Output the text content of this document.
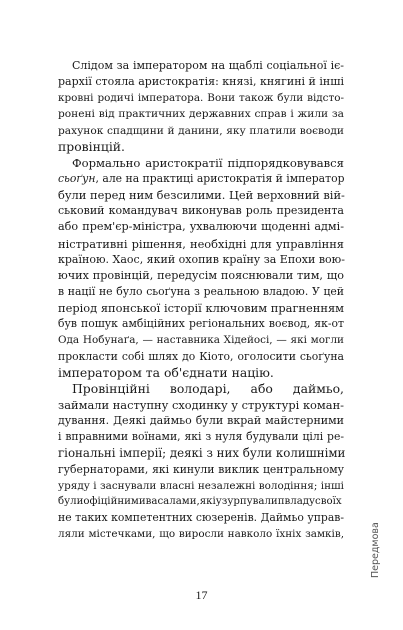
Слідом за імператором на щаблі соціальної іє-
рархії стояла аристократія: князі, княгині й інші
кровні родичі імператора. Вони також були відсто-
ронені від практичних державних справ і жили за
рахунок спадщини й данини, яку платили воєводи
провінцій.
Формально аристократії підпорядковувався
сьоґун, але на практиці аристократія й імператор
були перед ним безсилими. Цей верховний вій-
ськовий командувач виконував роль президента
або прем'єр-міністра, ухвалюючи щоденні адмі-
ністративні рішення, необхідні для управління
країною. Хаос, який охопив країну за Епохи вою-
ючих провінцій, передусім пояснювали тим, що
в нації не було сьоґуна з реальною владою. У цей
період японської історії ключовим прагненням
був пошук амбіційних регіональних воєвод, як-от
Ода Нобунаґа, — наставника Хідейосі, — які могли
прокласти собі шлях до Кіото, оголосити сьоґуна
імператором та об'єднати націю.
Провінційні володарі, або даймьо,
займали наступну сходинку у структурі коман-
дування. Деякі даймьо були вкрай майстерними
і вправними воїнами, які з нуля будували цілі ре-
гіональні імперії; деякі з них були колишніми
губернаторами, які кинули виклик центральному
уряду і заснували власні незалежні володіння; інші
булиофіційнимивасалами,якіузурпувалипвладусвоїх
не таких компетентних сюзеренів. Даймьо управ-
ляли містечками, що виросли навколо їхніх замків,	Передмова
17
